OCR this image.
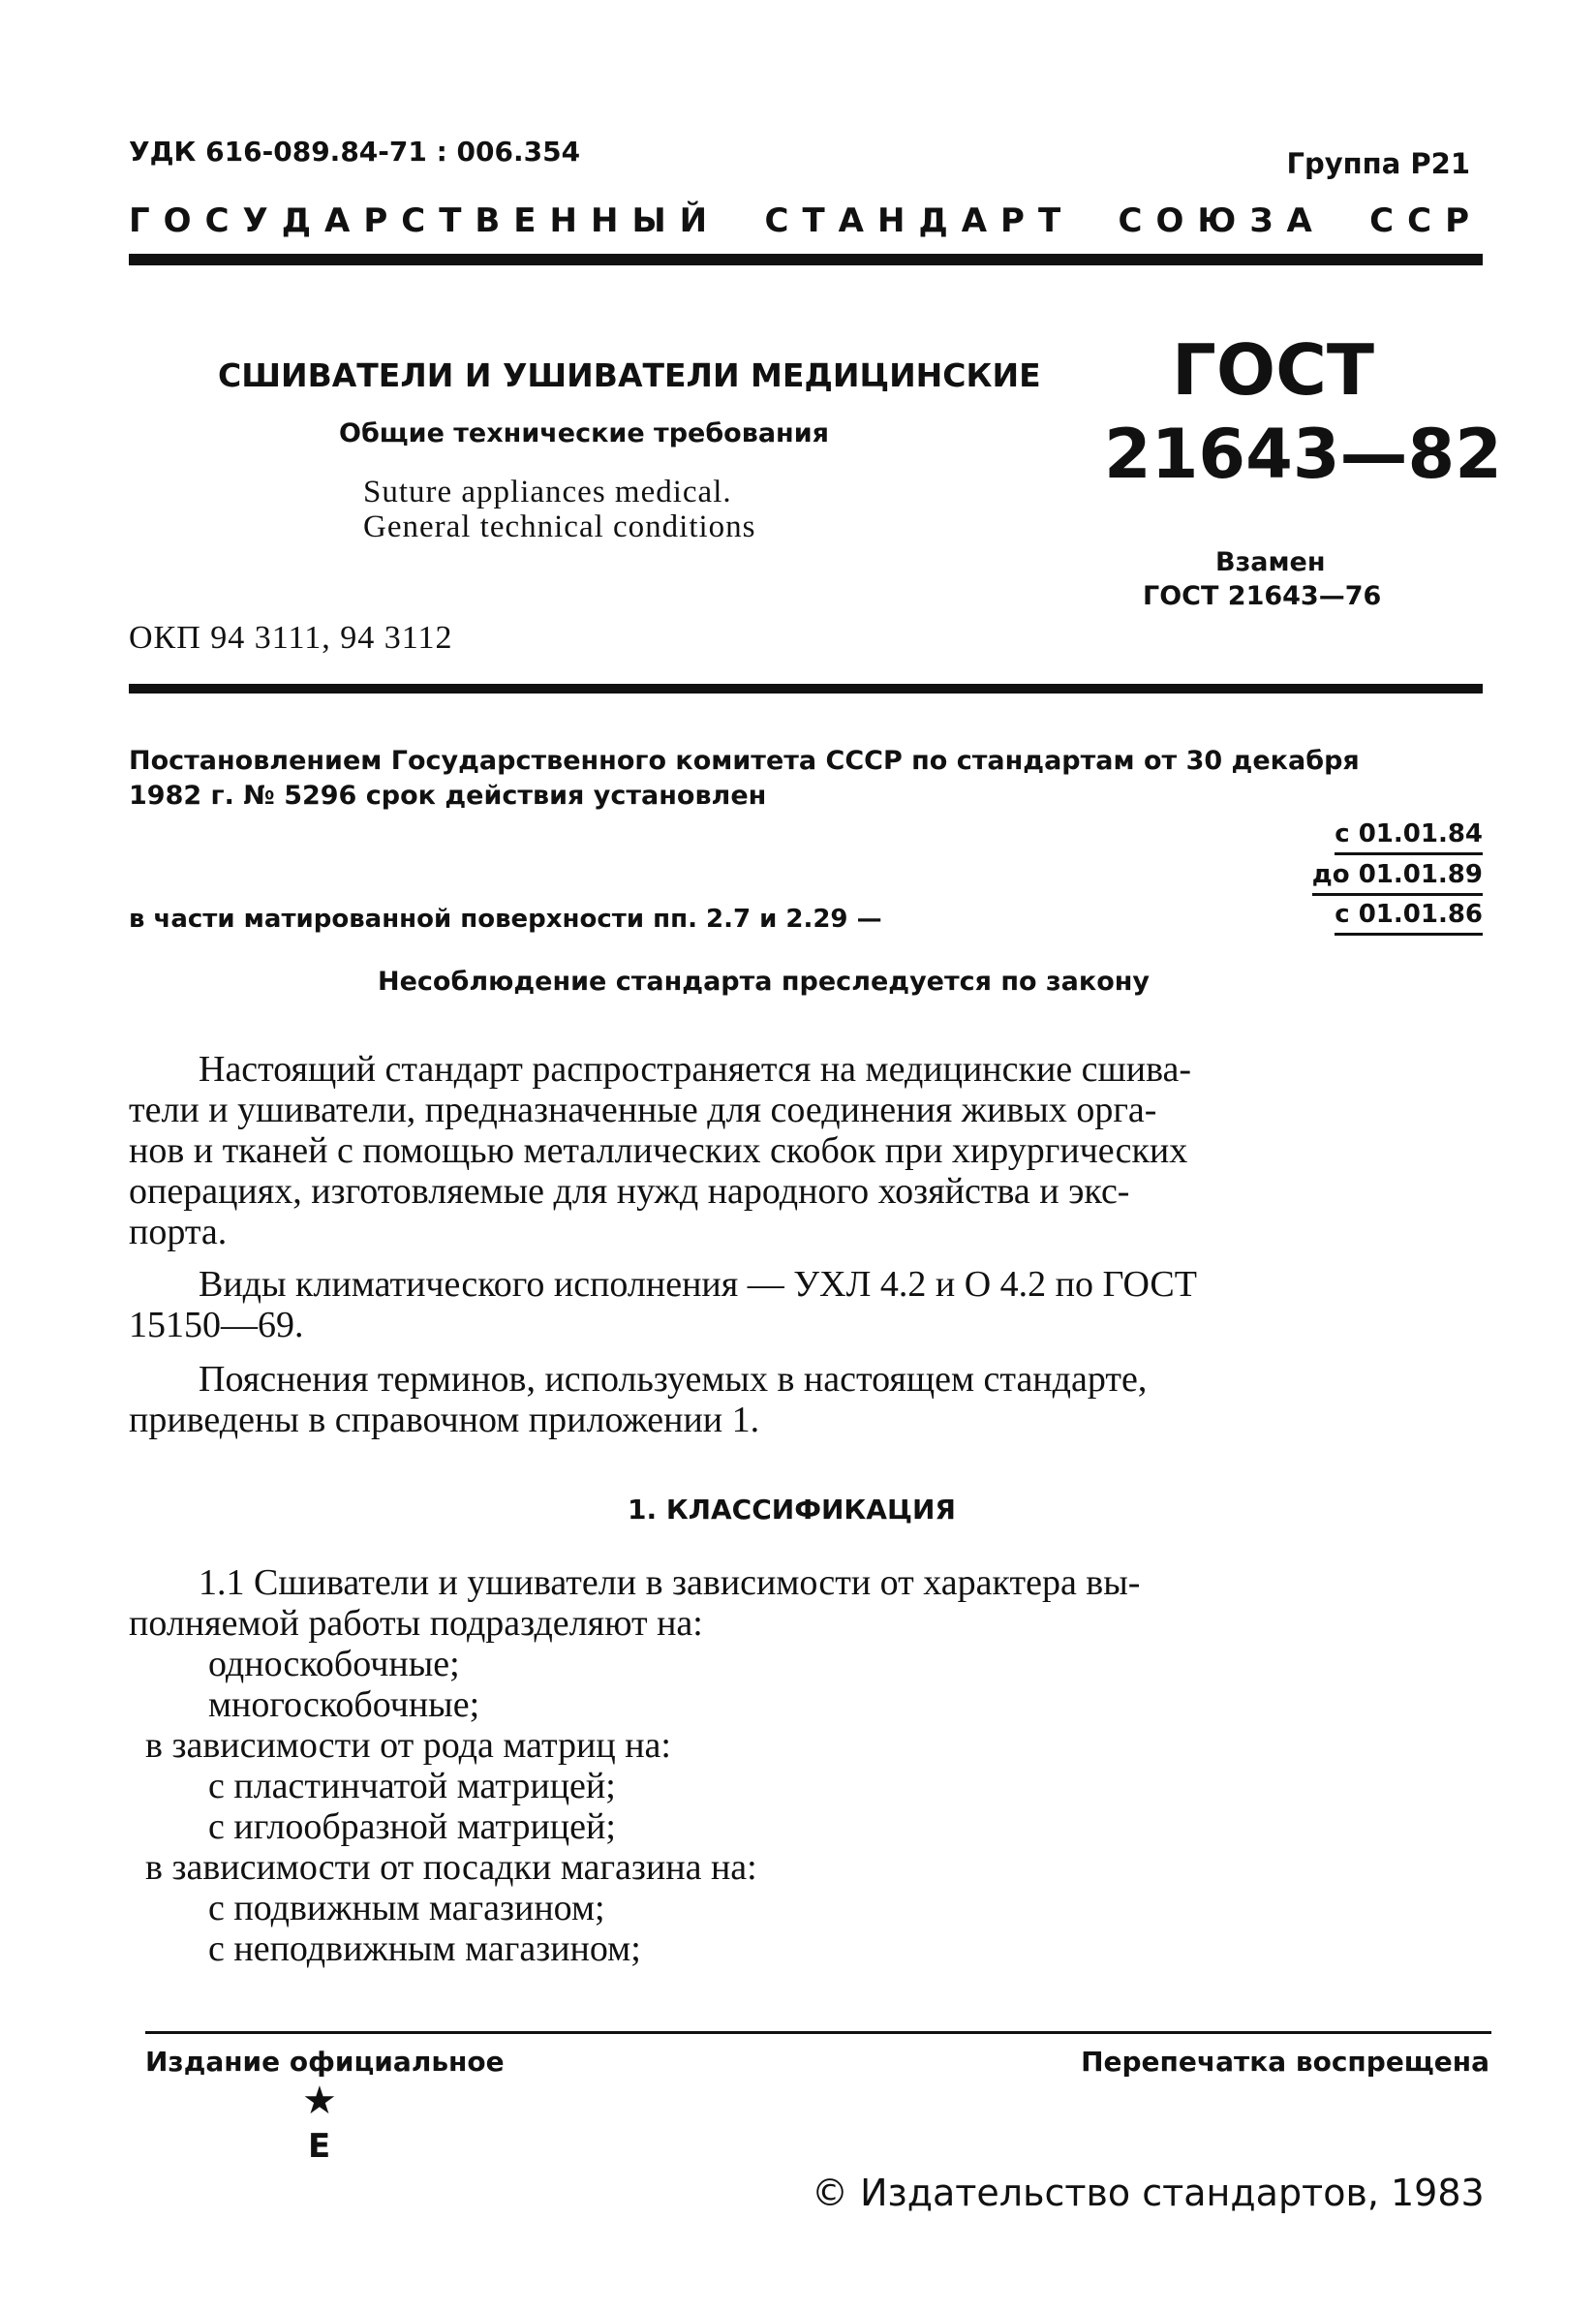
УДК 616-089.84-71 : 006.354	Группа Р21
ГОСУДАРСТВЕННЫЙ СТАНДАРТ СОЮЗА ССР
СШИВАТЕЛИ И УШИВАТЕЛИ МЕДИЦИНСКИЕ
Общие технические требования
Suture appliances medical.
General technical conditions
ГОСТ
21643—82
Взамен
ГОСТ 21643—76
ОКП 94 3111, 94 3112
Постановлением Государственного комитета СССР по стандартам от 30 декабря
1982 г. № 5296 срок действия установлен
с 01.01.84
до 01.01.89
в части матированной поверхности пп. 2.7 и 2.29 —	с 01.01.86
Несоблюдение стандарта преследуется по закону
Настоящий стандарт распространяется на медицинские сшива-
тели и ушиватели, предназначенные для соединения живых орга-
нов и тканей с помощью металлических скобок при хирургических
операциях, изготовляемые для нужд народного хозяйства и экс-
порта.
Виды климатического исполнения — УХЛ 4.2 и О 4.2 по ГОСТ
15150—69.
Пояснения терминов, используемых в настоящем стандарте,
приведены в справочном приложении 1.
1. КЛАССИФИКАЦИЯ
1.1 Сшиватели и ушиватели в зависимости от характера вы-
полняемой работы подразделяют на:
односкобочные;
многоскобочные;
в зависимости от рода матриц на:
с пластинчатой матрицей;
с иглообразной матрицей;
в зависимости от посадки магазина на:
с подвижным магазином;
с неподвижным магазином;
Издание официальное	Перепечатка воспрещена
★
Е
© Издательство стандартов, 1983
